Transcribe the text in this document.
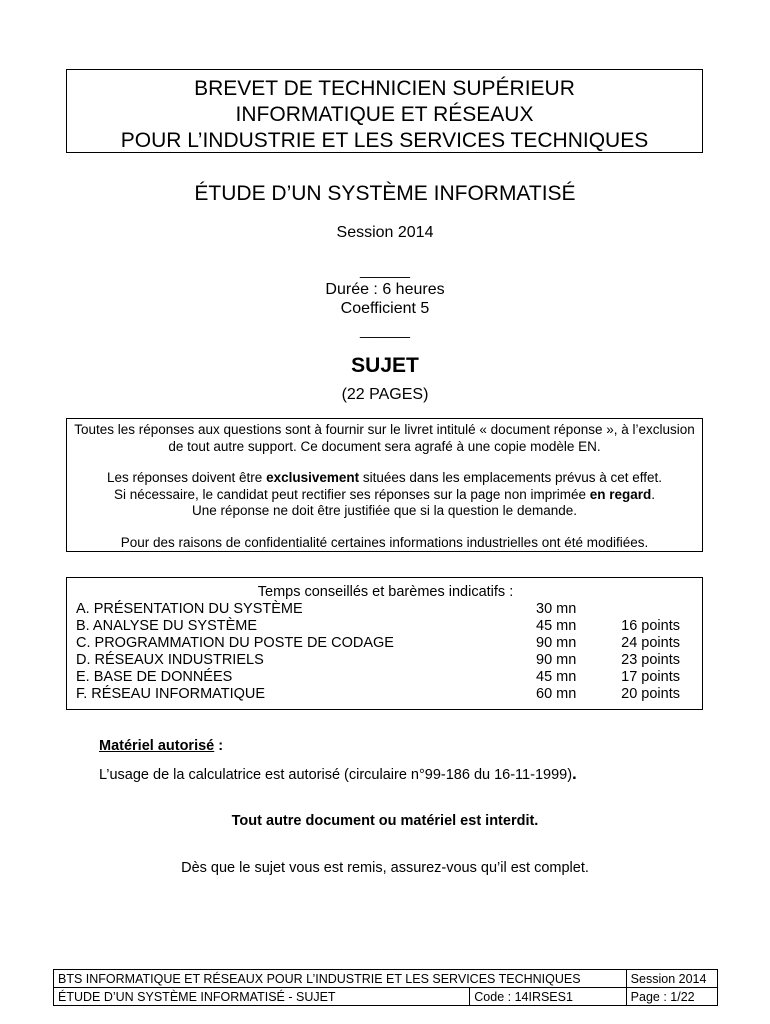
BREVET DE TECHNICIEN SUPÉRIEUR
INFORMATIQUE ET RÉSEAUX
POUR L’INDUSTRIE ET LES SERVICES TECHNIQUES
ÉTUDE D’UN SYSTÈME INFORMATISÉ
Session 2014
______
Durée : 6 heures
Coefficient 5
______
SUJET
(22 PAGES)

Toutes les réponses aux questions sont à fournir sur le livret intitulé « document réponse », à l’exclusion de tout autre support. Ce document sera agrafé à une copie modèle EN.

Les réponses doivent être exclusivement situées dans les emplacements prévus à cet effet.

Si nécessaire, le candidat peut rectifier ses réponses sur la page non imprimée en regard.

Une réponse ne doit être justifiée que si la question le demande.

Pour des raisons de confidentialité certaines informations industrielles ont été modifiées.

Temps conseillés et barèmes indicatifs :
A. PRÉSENTATION DU SYSTÈME	30 mn
B. ANALYSE DU SYSTÈME	45 mn	16 points
C. PROGRAMMATION DU POSTE DE CODAGE	90 mn	24 points
D. RÉSEAUX INDUSTRIELS	90 mn	23 points
E. BASE DE DONNÉES	45 mn	17 points
F. RÉSEAU INFORMATIQUE	60 mn	20 points
Matériel autorisé :
L’usage de la calculatrice est autorisé (circulaire n°99-186 du 16-11-1999).
Tout autre document ou matériel est interdit.
Dès que le sujet vous est remis, assurez-vous qu’il est complet.
BTS INFORMATIQUE ET RÉSEAUX POUR L’INDUSTRIE ET LES SERVICES TECHNIQUES		Session 2014
ÉTUDE D’UN SYSTÈME INFORMATISÉ - SUJET	Code : 14IRSES1	Page : 1/22
